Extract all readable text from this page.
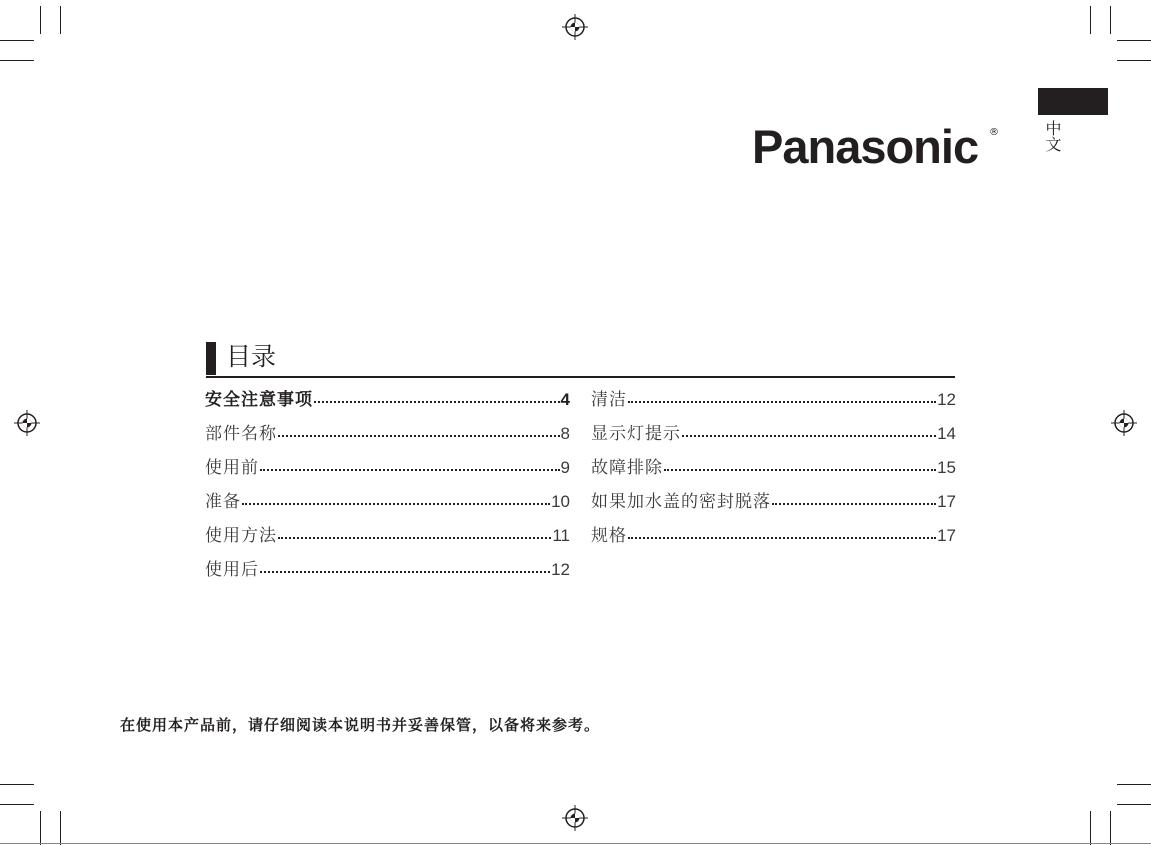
Panasonic ®	中文
目录
安全注意事项	4
部件名称	8
使用前	9
准备	10
使用方法	11
使用后	12
清洁	12
显示灯提示	14
故障排除	15
如果加水盖的密封脱落	17
规格	17
在使用本产品前，请仔细阅读本说明书并妥善保管，以备将来参考。
